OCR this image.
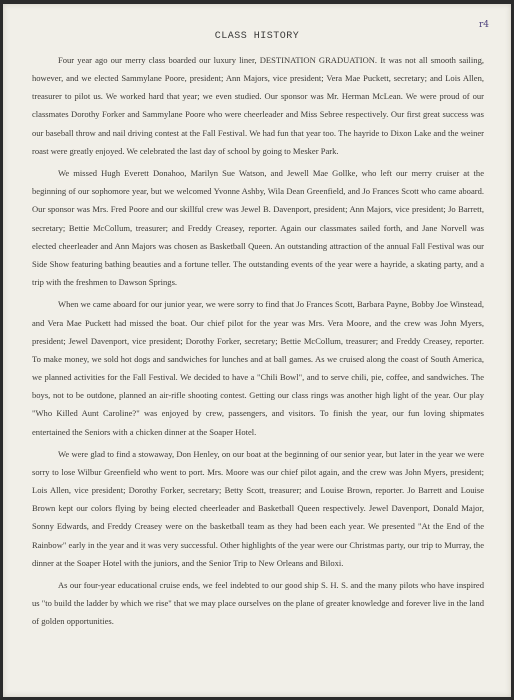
r4
CLASS HISTORY

Four year ago our merry class boarded our luxury liner, DESTINATION GRADUATION. It was not all smooth sailing, however, and we elected Sammylane Poore, president; Ann Majors, vice president; Vera Mae Puckett, secretary; and Lois Allen, treasurer to pilot us. We worked hard that year; we even studied. Our sponsor was Mr. Herman McLean. We were proud of our classmates Dorothy Forker and Sammylane Poore who were cheerleader and Miss Sebree respectively. Our first great success was our baseball throw and nail driving contest at the Fall Festival. We had fun that year too. The hayride to Dixon Lake and the weiner roast were greatly enjoyed. We celebrated the last day of school by going to Mesker Park.

We missed Hugh Everett Donahoo, Marilyn Sue Watson, and Jewell Mae Gollke, who left our merry cruiser at the beginning of our sophomore year, but we welcomed Yvonne Ashby, Wila Dean Greenfield, and Jo Frances Scott who came aboard. Our sponsor was Mrs. Fred Poore and our skillful crew was Jewel B. Davenport, president; Ann Majors, vice president; Jo Barrett, secretary; Bettie McCollum, treasurer; and Freddy Creasey, reporter. Again our classmates sailed forth, and Jane Norvell was elected cheerleader and Ann Majors was chosen as Basketball Queen. An outstanding attraction of the annual Fall Festival was our Side Show featuring bathing beauties and a fortune teller. The outstanding events of the year were a hayride, a skating party, and a trip with the freshmen to Dawson Springs.

When we came aboard for our junior year, we were sorry to find that Jo Frances Scott, Barbara Payne, Bobby Joe Winstead, and Vera Mae Puckett had missed the boat. Our chief pilot for the year was Mrs. Vera Moore, and the crew was John Myers, president; Jewel Davenport, vice president; Dorothy Forker, secretary; Bettie McCollum, treasurer; and Freddy Creasey, reporter. To make money, we sold hot dogs and sandwiches for lunches and at ball games. As we cruised along the coast of South America, we planned activities for the Fall Festival. We decided to have a "Chili Bowl", and to serve chili, pie, coffee, and sandwiches. The boys, not to be outdone, planned an air-rifle shooting contest. Getting our class rings was another high light of the year. Our play "Who Killed Aunt Caroline?" was enjoyed by crew, passengers, and visitors. To finish the year, our fun loving shipmates entertained the Seniors with a chicken dinner at the Soaper Hotel.

We were glad to find a stowaway, Don Henley, on our boat at the beginning of our senior year, but later in the year we were sorry to lose Wilbur Greenfield who went to port. Mrs. Moore was our chief pilot again, and the crew was John Myers, president; Lois Allen, vice president; Dorothy Forker, secretary; Betty Scott, treasurer; and Louise Brown, reporter. Jo Barrett and Louise Brown kept our colors flying by being elected cheerleader and Basketball Queen respectively. Jewel Davenport, Donald Major, Sonny Edwards, and Freddy Creasey were on the basketball team as they had been each year. We presented "At the End of the Rainbow" early in the year and it was very successful. Other highlights of the year were our Christmas party, our trip to Murray, the dinner at the Soaper Hotel with the juniors, and the Senior Trip to New Orleans and Biloxi.

As our four-year educational cruise ends, we feel indebted to our good ship S. H. S. and the many pilots who have inspired us "to build the ladder by which we rise" that we may place ourselves on the plane of greater knowledge and forever live in the land of golden opportunities.
